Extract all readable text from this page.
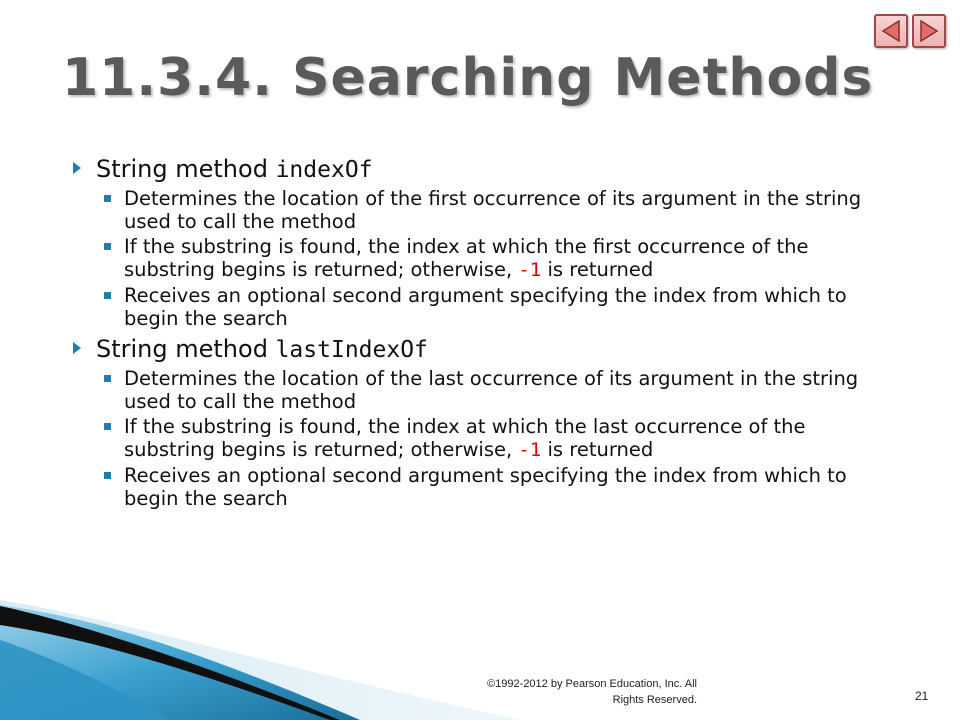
11.3.4. Searching Methods
String method indexOf
Determines the location of the first occurrence of its argument in the string used to call the method
If the substring is found, the index at which the first occurrence of the substring begins is returned; otherwise, -1 is returned
Receives an optional second argument specifying the index from which to begin the search
String method lastIndexOf
Determines the location of the last occurrence of its argument in the string used to call the method
If the substring is found, the index at which the last occurrence of the substring begins is returned; otherwise, -1 is returned
Receives an optional second argument specifying the index from which to begin the search
©1992-2012 by Pearson Education, Inc. All
Rights Reserved.	21
